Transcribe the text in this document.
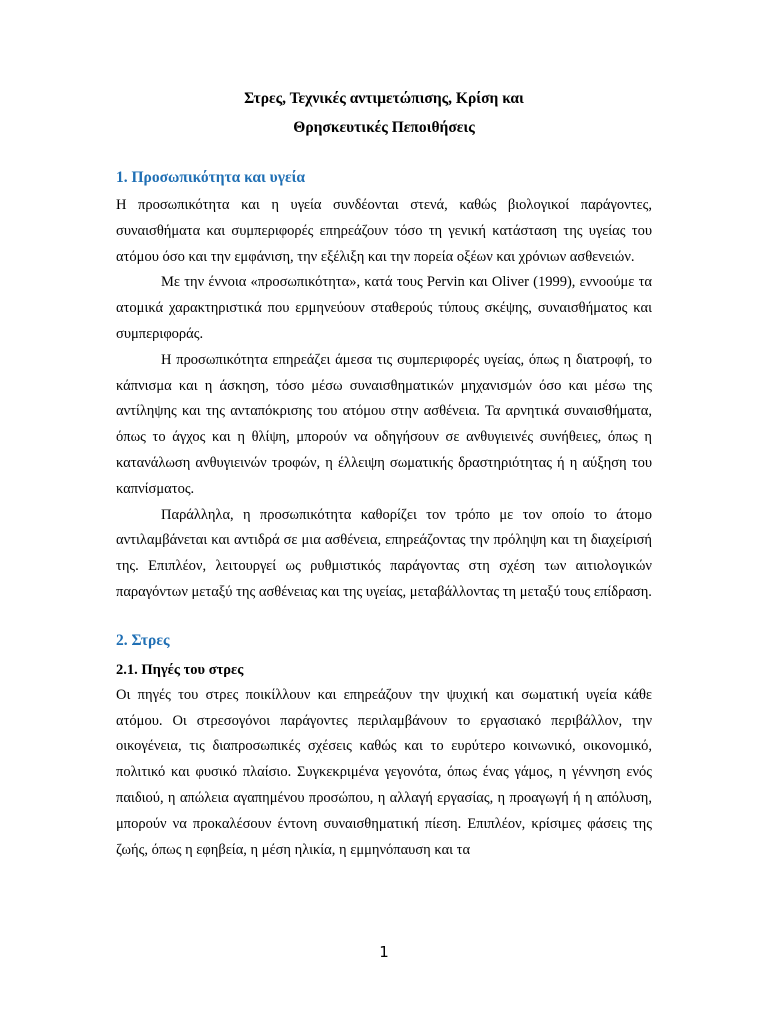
Στρες, Τεχνικές αντιμετώπισης, Κρίση και

Θρησκευτικές Πεποιθήσεις

1. Προσωπικότητα και υγεία

Η προσωπικότητα και η υγεία συνδέονται στενά, καθώς βιολογικοί παράγοντες, συναισθήματα και συμπεριφορές επηρεάζουν τόσο τη γενική κατάσταση της υγείας του ατόμου όσο και την εμφάνιση, την εξέλιξη και την πορεία οξέων και χρόνιων ασθενειών.

Με την έννοια «προσωπικότητα», κατά τους Pervin και Oliver (1999), εννοούμε τα ατομικά χαρακτηριστικά που ερμηνεύουν σταθερούς τύπους σκέψης, συναισθήματος και συμπεριφοράς.

Η προσωπικότητα επηρεάζει άμεσα τις συμπεριφορές υγείας, όπως η διατροφή, το κάπνισμα και η άσκηση, τόσο μέσω συναισθηματικών μηχανισμών όσο και μέσω της αντίληψης και της ανταπόκρισης του ατόμου στην ασθένεια. Τα αρνητικά συναισθήματα, όπως το άγχος και η θλίψη, μπορούν να οδηγήσουν σε ανθυγιεινές συνήθειες, όπως η κατανάλωση ανθυγιεινών τροφών, η έλλειψη σωματικής δραστηριότητας ή η αύξηση του καπνίσματος.

Παράλληλα, η προσωπικότητα καθορίζει τον τρόπο με τον οποίο το άτομο αντιλαμβάνεται και αντιδρά σε μια ασθένεια, επηρεάζοντας την πρόληψη και τη διαχείρισή της. Επιπλέον, λειτουργεί ως ρυθμιστικός παράγοντας στη σχέση των αιτιολογικών παραγόντων μεταξύ της ασθένειας και της υγείας, μεταβάλλοντας τη μεταξύ τους επίδραση.

2. Στρες

2.1. Πηγές του στρες

Οι πηγές του στρες ποικίλλουν και επηρεάζουν την ψυχική και σωματική υγεία κάθε ατόμου. Οι στρεσογόνοι παράγοντες περιλαμβάνουν το εργασιακό περιβάλλον, την οικογένεια, τις διαπροσωπικές σχέσεις καθώς και το ευρύτερο κοινωνικό, οικονομικό, πολιτικό και φυσικό πλαίσιο. Συγκεκριμένα γεγονότα, όπως ένας γάμος, η γέννηση ενός παιδιού, η απώλεια αγαπημένου προσώπου, η αλλαγή εργασίας, η προαγωγή ή η απόλυση, μπορούν να προκαλέσουν έντονη συναισθηματική πίεση. Επιπλέον, κρίσιμες φάσεις της ζωής, όπως η εφηβεία, η μέση ηλικία, η εμμηνόπαυση και τα

1
